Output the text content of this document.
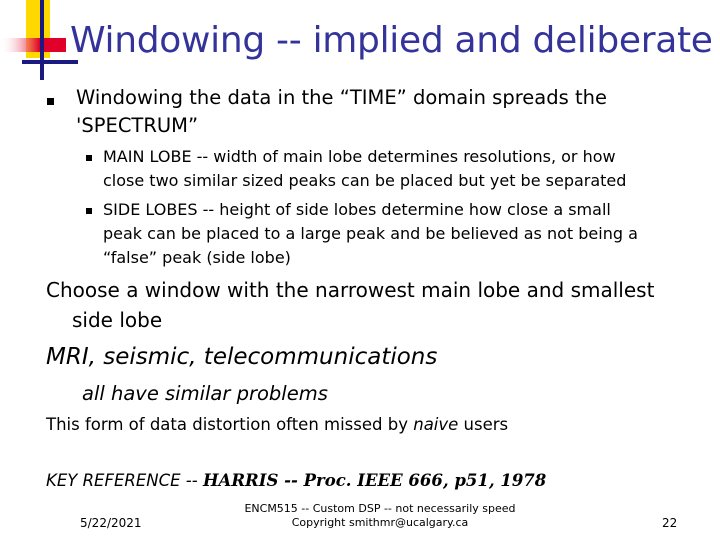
Windowing -- implied and deliberate
Windowing the data in the “TIME” domain spreads the
'SPECTRUM”
MAIN LOBE -- width of main lobe determines resolutions, or how
close two similar sized peaks can be placed but yet be separated
SIDE LOBES -- height of side lobes determine how close a small
peak can be placed to a large peak and be believed as not being a
“false” peak (side lobe)
Choose a window with the narrowest main lobe and smallest
side lobe
MRI, seismic, telecommunications
all have similar problems
This form of data distortion often missed by naive users
KEY REFERENCE -- HARRIS -- Proc. IEEE 666, p51, 1978
5/22/2021
ENCM515 -- Custom DSP -- not necessarily speed
Copyright smithmr@ucalgary.ca	22
